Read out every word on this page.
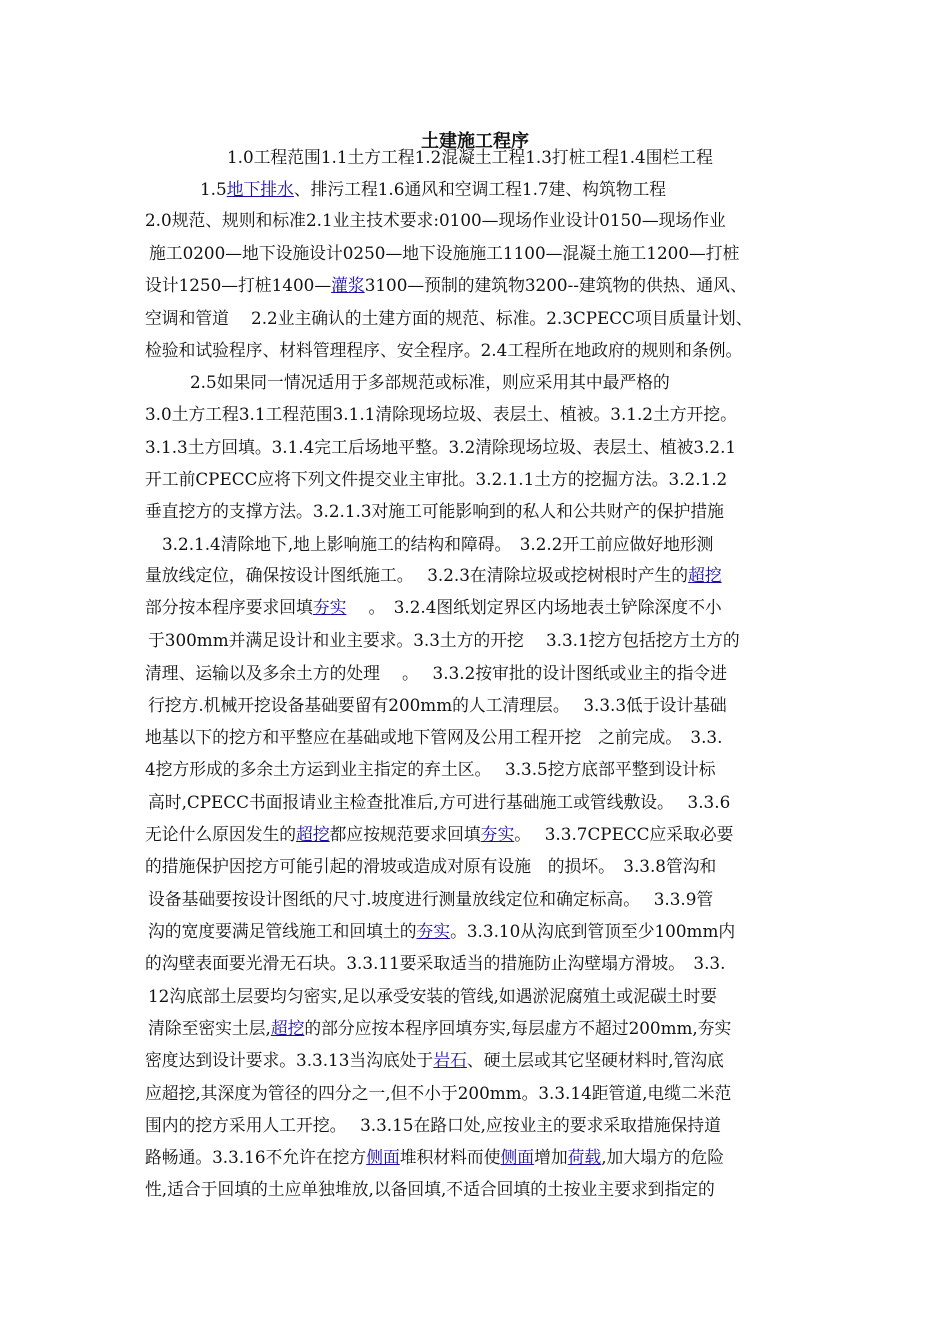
土建施工程序
1.0工程范围1.1土方工程1.2混凝土工程1.3打桩工程1.4围栏工程
1.5地下排水、排污工程1.6通风和空调工程1.7建、构筑物工程
2.0规范、规则和标准2.1业主技术要求:0100—现场作业设计0150—现场作业
施工0200—地下设施设计0250—地下设施施工1100—混凝土施工1200—打桩
设计1250—打桩1400—灌浆3100—预制的建筑物3200--建筑物的供热、通风、
空调和管道　 2.2业主确认的土建方面的规范、标准。2.3CPECC项目质量计划、
检验和试验程序、材料管理程序、安全程序。2.4工程所在地政府的规则和条例。
2.5如果同一情况适用于多部规范或标准，则应采用其中最严格的
3.0土方工程3.1工程范围3.1.1清除现场垃圾、表层土、植被。3.1.2土方开挖。
3.1.3土方回填。3.1.4完工后场地平整。3.2清除现场垃圾、表层土、植被3.2.1
开工前CPECC应将下列文件提交业主审批。3.2.1.1土方的挖掘方法。3.2.1.2
垂直挖方的支撑方法。3.2.1.3对施工可能影响到的私人和公共财产的保护措施
3.2.1.4清除地下,地上影响施工的结构和障碍。　3.2.2开工前应做好地形测
量放线定位，确保按设计图纸施工。　 3.2.3在清除垃圾或挖树根时产生的超挖
部分按本程序要求回填夯实　 。　3.2.4图纸划定界区内场地表土铲除深度不小
于300mm并满足设计和业主要求。3.3土方的开挖　 3.3.1挖方包括挖方土方的
清理、运输以及多余土方的处理　 。　 3.3.2按审批的设计图纸或业主的指令进
行挖方.机械开挖设备基础要留有200mm的人工清理层。　 3.3.3低于设计基础
地基以下的挖方和平整应在基础或地下管网及公用工程开挖　之前完成。　3.3.
4挖方形成的多余土方运到业主指定的弃土区。　 3.3.5挖方底部平整到设计标
高时,CPECC书面报请业主检查批准后,方可进行基础施工或管线敷设。　 3.3.6
无论什么原因发生的超挖都应按规范要求回填夯实。　 3.3.7CPECC应采取必要
的措施保护因挖方可能引起的滑坡或造成对原有设施　的损坏。　3.3.8管沟和
设备基础要按设计图纸的尺寸.坡度进行测量放线定位和确定标高。　 3.3.9管
沟的宽度要满足管线施工和回填土的夯实。3.3.10从沟底到管顶至少100mm内
的沟壁表面要光滑无石块。3.3.11要采取适当的措施防止沟壁塌方滑坡。　3.3.
12沟底部土层要均匀密实,足以承受安装的管线,如遇淤泥腐殖土或泥碳土时要
清除至密实土层,超挖的部分应按本程序回填夯实,每层虚方不超过200mm,夯实
密度达到设计要求。3.3.13当沟底处于岩石、硬土层或其它坚硬材料时,管沟底
应超挖,其深度为管径的四分之一,但不小于200mm。3.3.14距管道,电缆二米范
围内的挖方采用人工开挖。　 3.3.15在路口处,应按业主的要求采取措施保持道
路畅通。3.3.16不允许在挖方侧面堆积材料而使侧面增加荷载,加大塌方的危险
性,适合于回填的土应单独堆放,以备回填,不适合回填的土按业主要求到指定的
